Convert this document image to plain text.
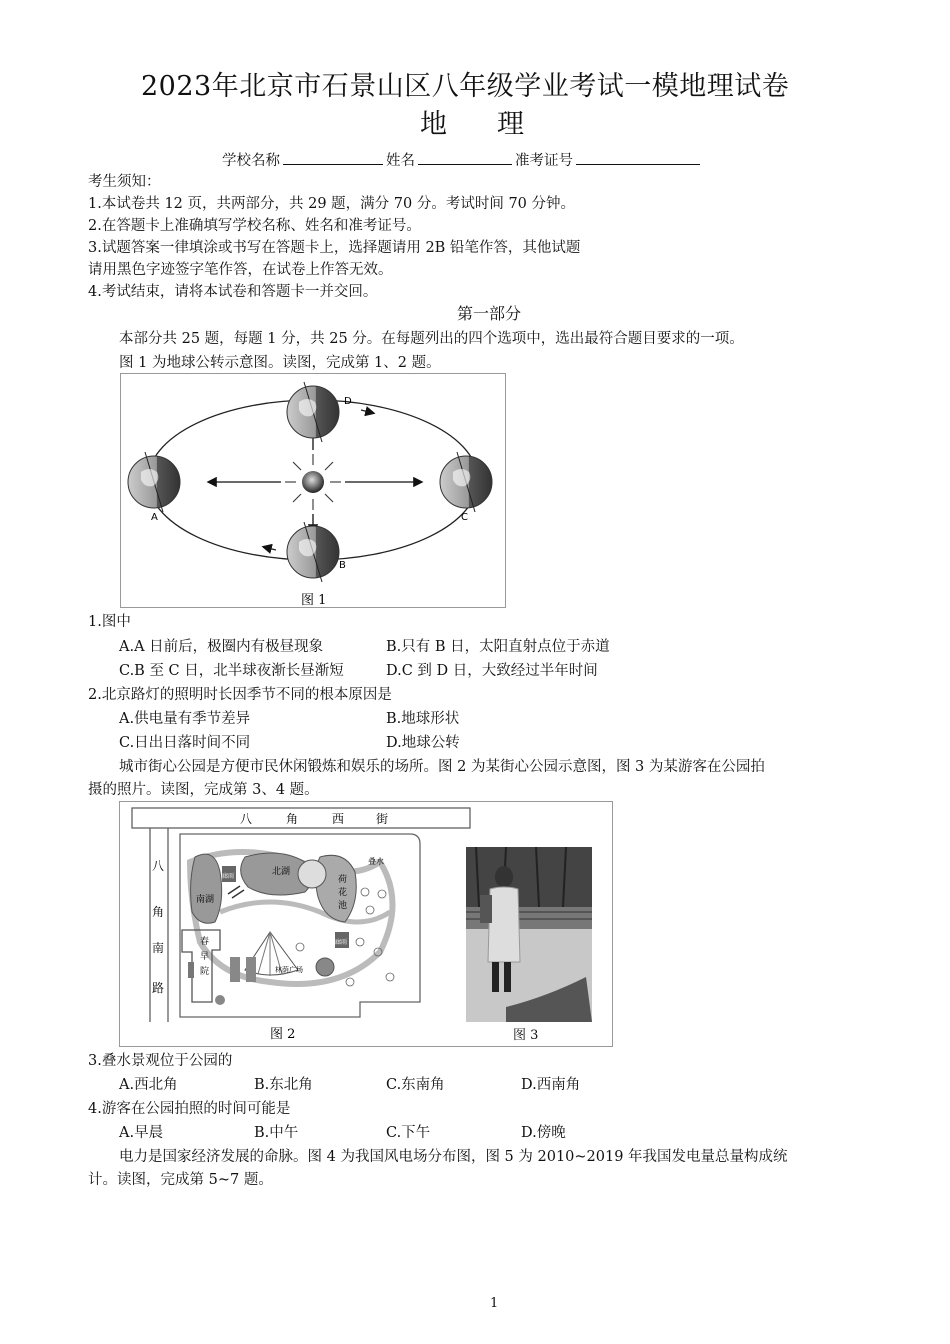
2023年北京市石景山区八年级学业考试一模地理试卷
地理
学校名称	姓名	准考证号
考生须知：
1.本试卷共 12 页，共两部分，共 29 题，满分 70 分。考试时间 70 分钟。
2.在答题卡上准确填写学校名称、姓名和准考证号。
3.试题答案一律填涂或书写在答题卡上，选择题请用 2B 铅笔作答，其他试题
请用黑色字迹签字笔作答，在试卷上作答无效。
4.考试结束，请将本试卷和答题卡一并交回。
第一部分
本部分共 25 题，每题 1 分，共 25 分。在每题列出的四个选项中，选出最符合题目要求的一项。
图 1 为地球公转示意图。读图，完成第 1、2 题。
D
A	C
B
图 1
1.图中
A.A 日前后，极圈内有极昼现象	B.只有 B 日，太阳直射点位于赤道
C.B 至 C 日，北半球夜渐长昼渐短	D.C 到 D 日，大致经过半年时间
2.北京路灯的照明时长因季节不同的根本原因是
A.供电量有季节差异	B.地球形状
C.日出日落时间不同	D.地球公转
城市街心公园是方便市民休闲锻炼和娱乐的场所。图 2 为某街心公园示意图，图 3 为某游客在公园拍
摄的照片。读图，完成第 3、4 题。
八	角	西	街
八
角
南
路
南湖
北湖
荷
花
池
叠水
廊雨
廊雨
林荫广场
春
早
院
图 2	图 3
3.叠水景观位于公园的
A.西北角	B.东北角	C.东南角	D.西南角
4.游客在公园拍照的时间可能是
A.早晨	B.中午	C.下午	D.傍晚
电力是国家经济发展的命脉。图 4 为我国风电场分布图，图 5 为 2010~2019 年我国发电量总量构成统
计。读图，完成第 5~7 题。
1
